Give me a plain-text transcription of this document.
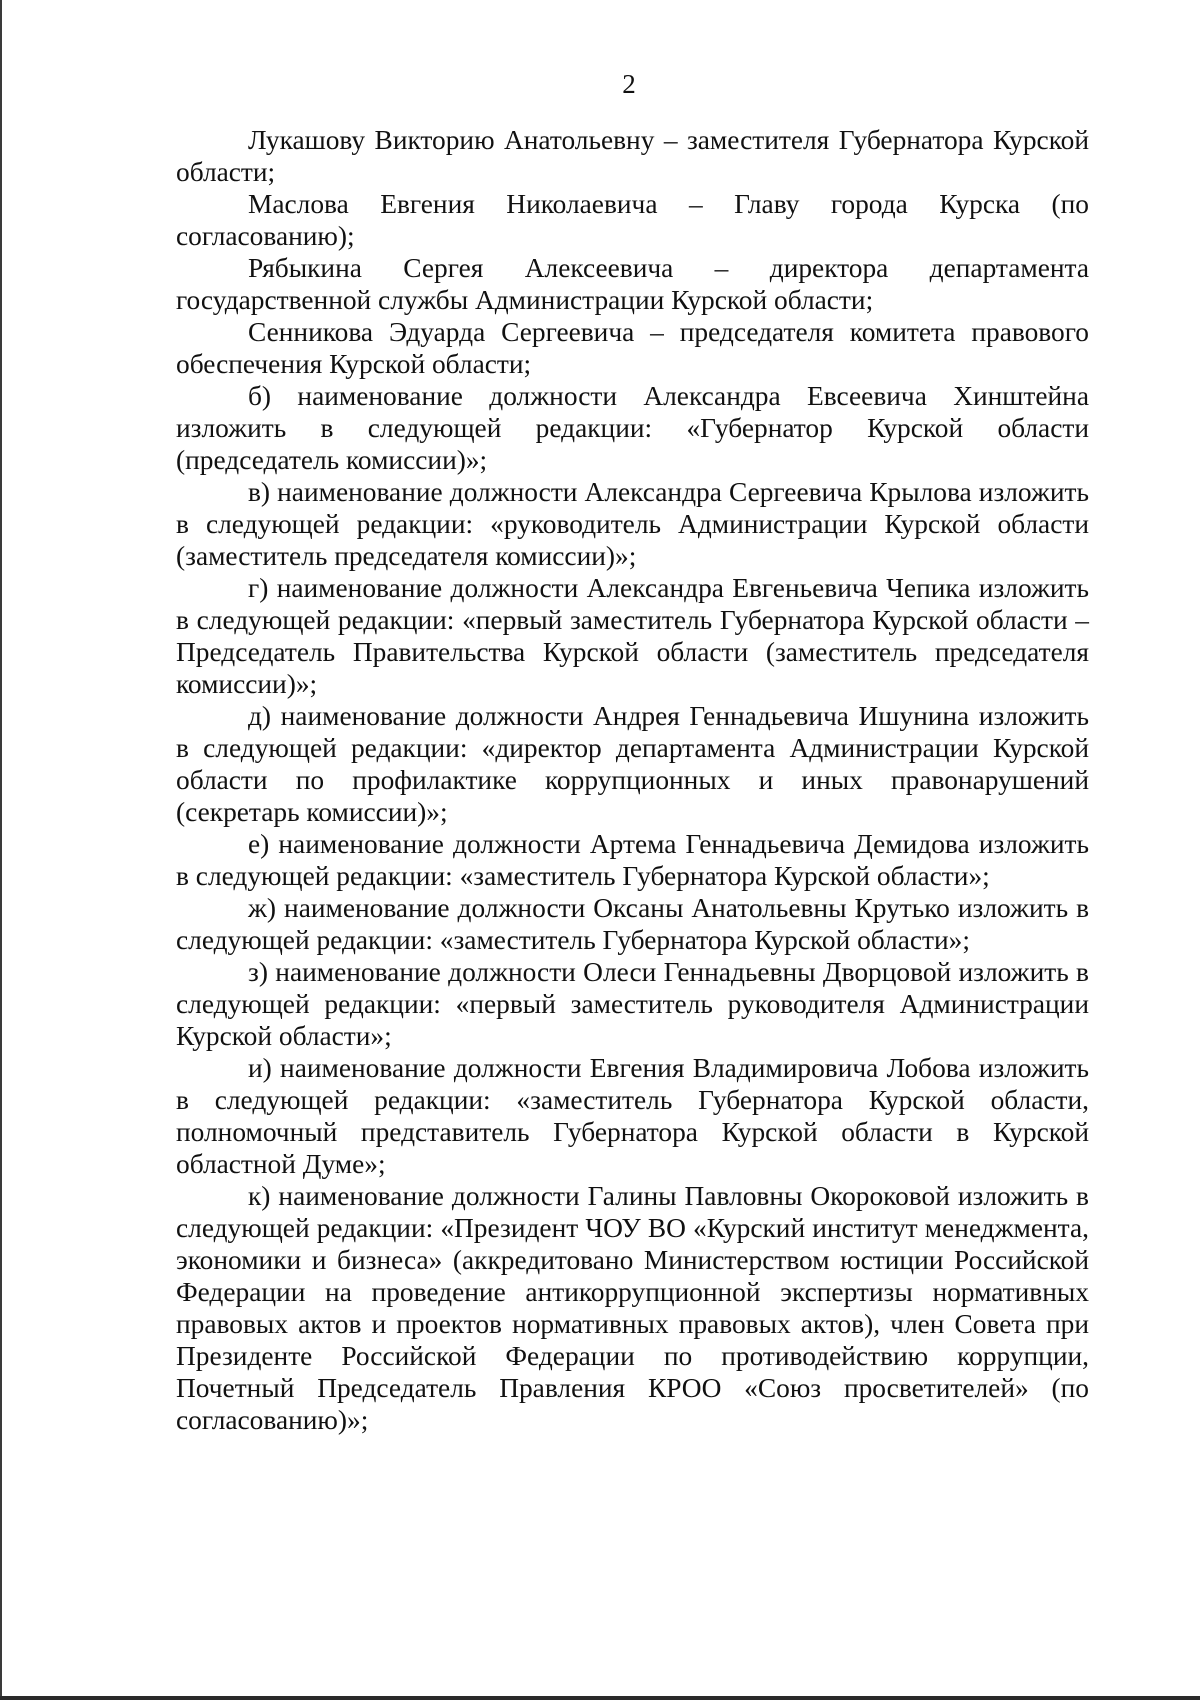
2

Лукашову Викторию Анатольевну – заместителя Губернатора Курской области;

Маслова Евгения Николаевича – Главу города Курска (по согласованию);

Рябыкина Сергея Алексеевича – директора департамента государственной службы Администрации Курской области;

Сенникова Эдуарда Сергеевича – председателя комитета правового обеспечения Курской области;

б) наименование должности Александра Евсеевича Хинштейна изложить в следующей редакции: «Губернатор Курской области (председатель комиссии)»;

в) наименование должности Александра Сергеевича Крылова изложить в следующей редакции: «руководитель Администрации Курской области (заместитель председателя комиссии)»;

г) наименование должности Александра Евгеньевича Чепика изложить в следующей редакции: «первый заместитель Губернатора Курской области – Председатель Правительства Курской области (заместитель председателя комиссии)»;

д) наименование должности Андрея Геннадьевича Ишунина изложить в следующей редакции: «директор департамента Администрации Курской области по профилактике коррупционных и иных правонарушений (секретарь комиссии)»;

е) наименование должности Артема Геннадьевича Демидова изложить в следующей редакции: «заместитель Губернатора Курской области»;

ж) наименование должности Оксаны Анатольевны Крутько изложить в следующей редакции: «заместитель Губернатора Курской области»;

з) наименование должности Олеси Геннадьевны Дворцовой изложить в следующей редакции: «первый заместитель руководителя Администрации Курской области»;

и) наименование должности Евгения Владимировича Лобова изложить в следующей редакции: «заместитель Губернатора Курской области, полномочный представитель Губернатора Курской области в Курской областной Думе»;

к) наименование должности Галины Павловны Окороковой изложить в следующей редакции: «Президент ЧОУ ВО «Курский институт менеджмента, экономики и бизнеса» (аккредитовано Министерством юстиции Российской Федерации на проведение антикоррупционной экспертизы нормативных правовых актов и проектов нормативных правовых актов), член Совета при Президенте Российской Федерации по противодействию коррупции, Почетный Председатель Правления КРОО «Союз просветителей» (по согласованию)»;
